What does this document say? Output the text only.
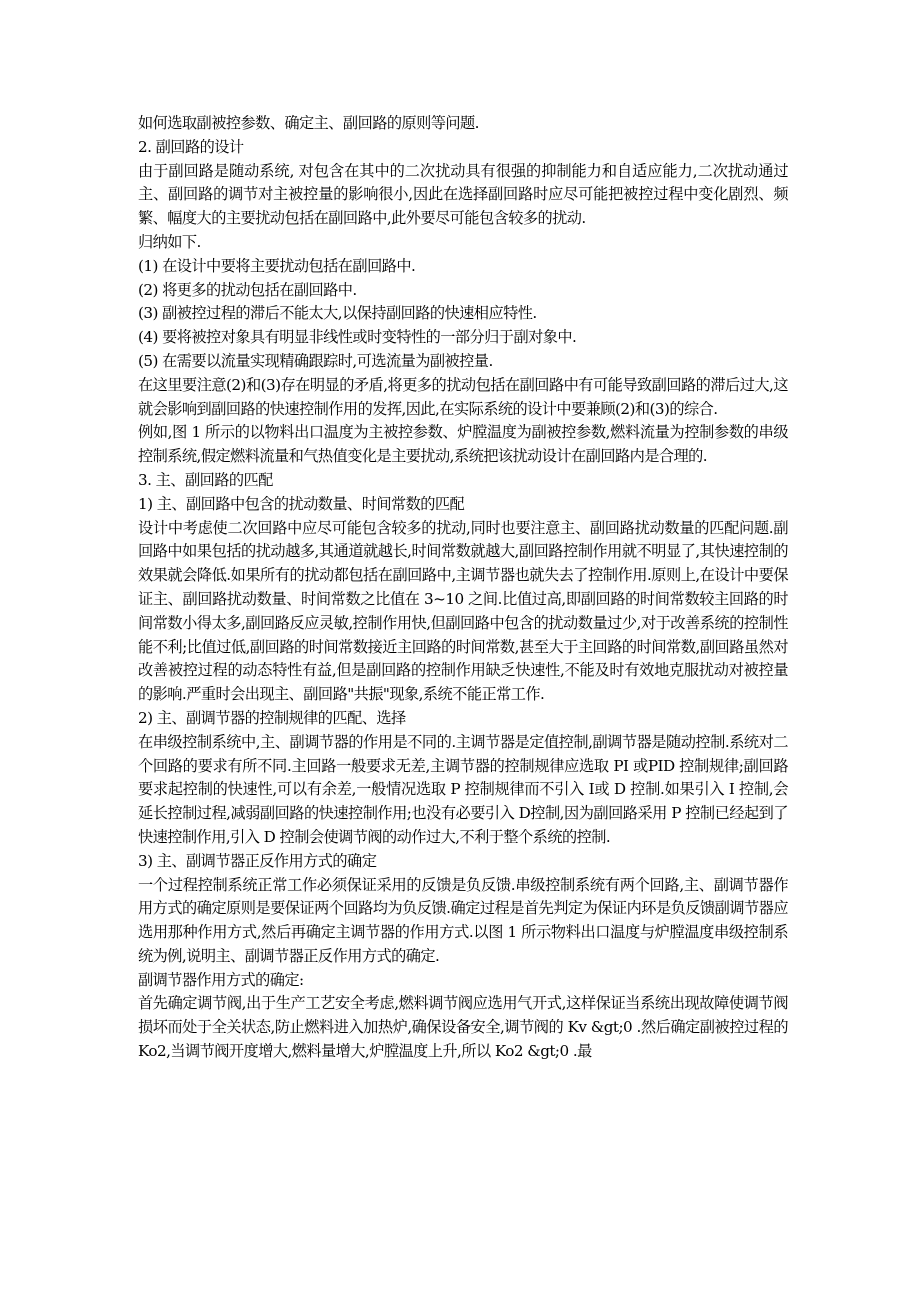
如何选取副被控参数、确定主、副回路的原则等问题.

2. 副回路的设计

由于副回路是随动系统, 对包含在其中的二次扰动具有很强的抑制能力和自适应能力,二次扰动通过主、副回路的调节对主被控量的影响很小,因此在选择副回路时应尽可能把被控过程中变化剧烈、频繁、幅度大的主要扰动包括在副回路中,此外要尽可能包含较多的扰动.

归纳如下.

(1) 在设计中要将主要扰动包括在副回路中.

(2) 将更多的扰动包括在副回路中.

(3) 副被控过程的滞后不能太大,以保持副回路的快速相应特性.

(4) 要将被控对象具有明显非线性或时变特性的一部分归于副对象中.

(5) 在需要以流量实现精确跟踪时,可选流量为副被控量.

在这里要注意(2)和(3)存在明显的矛盾,将更多的扰动包括在副回路中有可能导致副回路的滞后过大,这就会影响到副回路的快速控制作用的发挥,因此,在实际系统的设计中要兼顾(2)和(3)的综合.

例如,图 1 所示的以物料出口温度为主被控参数、炉膛温度为副被控参数,燃料流量为控制参数的串级控制系统,假定燃料流量和气热值变化是主要扰动,系统把该扰动设计在副回路内是合理的.

3. 主、副回路的匹配

1) 主、副回路中包含的扰动数量、时间常数的匹配

设计中考虑使二次回路中应尽可能包含较多的扰动,同时也要注意主、副回路扰动数量的匹配问题.副回路中如果包括的扰动越多,其通道就越长,时间常数就越大,副回路控制作用就不明显了,其快速控制的效果就会降低.如果所有的扰动都包括在副回路中,主调节器也就失去了控制作用.原则上,在设计中要保证主、副回路扰动数量、时间常数之比值在 3~10 之间.比值过高,即副回路的时间常数较主回路的时间常数小得太多,副回路反应灵敏,控制作用快,但副回路中包含的扰动数量过少,对于改善系统的控制性能不利;比值过低,副回路的时间常数接近主回路的时间常数,甚至大于主回路的时间常数,副回路虽然对改善被控过程的动态特性有益,但是副回路的控制作用缺乏快速性,不能及时有效地克服扰动对被控量的影响.严重时会出现主、副回路"共振"现象,系统不能正常工作.

2) 主、副调节器的控制规律的匹配、选择

在串级控制系统中,主、副调节器的作用是不同的.主调节器是定值控制,副调节器是随动控制.系统对二个回路的要求有所不同.主回路一般要求无差,主调节器的控制规律应选取 PI 或PID 控制规律;副回路要求起控制的快速性,可以有余差,一般情况选取 P 控制规律而不引入 I或 D 控制.如果引入 I 控制,会延长控制过程,减弱副回路的快速控制作用;也没有必要引入 D控制,因为副回路采用 P 控制已经起到了快速控制作用,引入 D 控制会使调节阀的动作过大,不利于整个系统的控制.

3) 主、副调节器正反作用方式的确定

一个过程控制系统正常工作必须保证采用的反馈是负反馈.串级控制系统有两个回路,主、副调节器作用方式的确定原则是要保证两个回路均为负反馈.确定过程是首先判定为保证内环是负反馈副调节器应选用那种作用方式,然后再确定主调节器的作用方式.以图 1 所示物料出口温度与炉膛温度串级控制系统为例,说明主、副调节器正反作用方式的确定.

副调节器作用方式的确定:

首先确定调节阀,出于生产工艺安全考虑,燃料调节阀应选用气开式,这样保证当系统出现故障使调节阀损坏而处于全关状态,防止燃料进入加热炉,确保设备安全,调节阀的 Kv &gt;0 .然后确定副被控过程的 Ko2,当调节阀开度增大,燃料量增大,炉膛温度上升,所以 Ko2 &gt;0 .最
